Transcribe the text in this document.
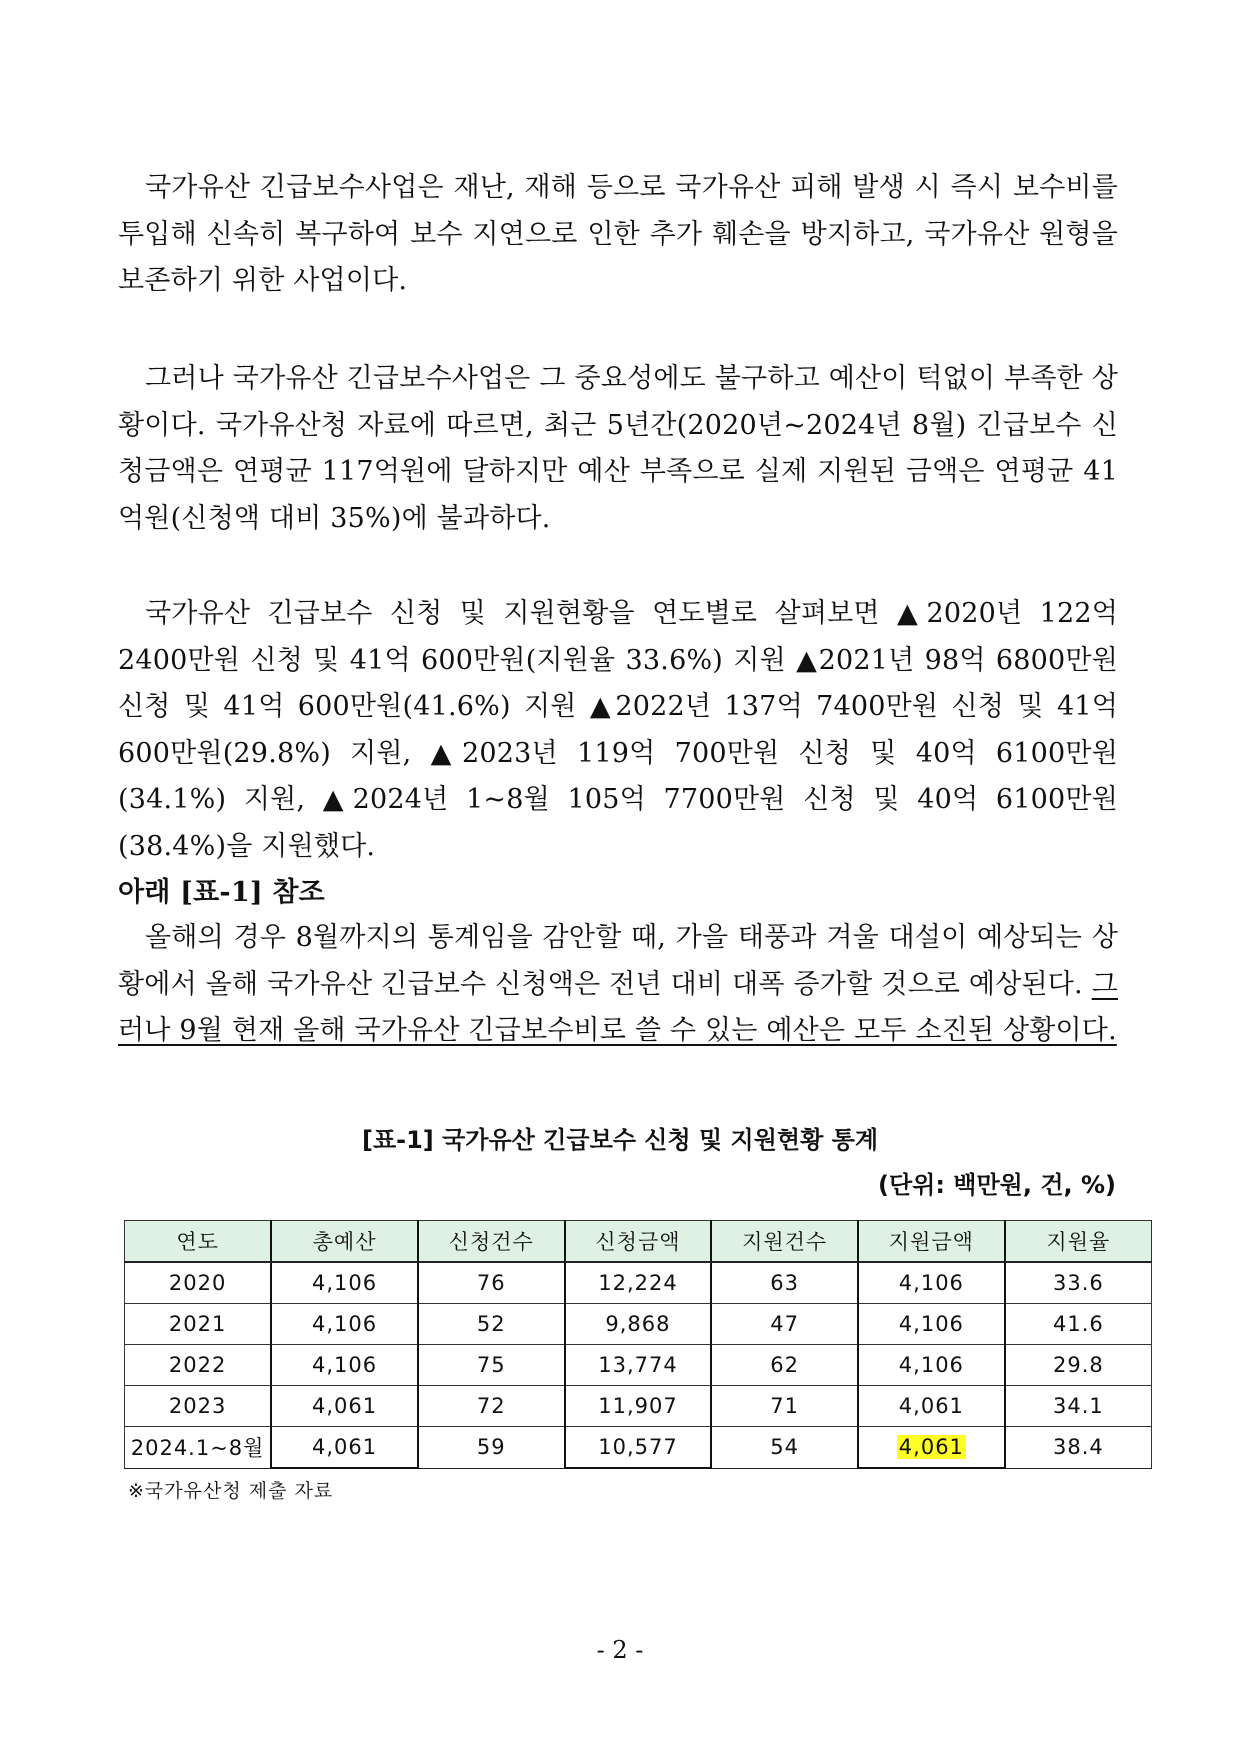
국가유산 긴급보수사업은 재난, 재해 등으로 국가유산 피해 발생 시 즉시 보수비를 투입해 신속히 복구하여 보수 지연으로 인한 추가 훼손을 방지하고, 국가유산 원형을 보존하기 위한 사업이다.

그러나 국가유산 긴급보수사업은 그 중요성에도 불구하고 예산이 턱없이 부족한 상황이다. 국가유산청 자료에 따르면, 최근 5년간(2020년~2024년 8월) 긴급보수 신청금액은 연평균 117억원에 달하지만 예산 부족으로 실제 지원된 금액은 연평균 41억원(신청액 대비 35%)에 불과하다.

국가유산 긴급보수 신청 및 지원현황을 연도별로 살펴보면 ▲2020년 122억 2400만원 신청 및 41억 600만원(지원율 33.6%) 지원 ▲2021년 98억 6800만원 신청 및 41억 600만원(41.6%) 지원 ▲2022년 137억 7400만원 신청 및 41억 600만원(29.8%) 지원, ▲2023년 119억 700만원 신청 및 40억 6100만원(34.1%) 지원, ▲2024년 1~8월 105억 7700만원 신청 및 40억 6100만원(38.4%)을 지원했다.
아래 [표-1] 참조

올해의 경우 8월까지의 통계임을 감안할 때, 가을 태풍과 겨울 대설이 예상되는 상황에서 올해 국가유산 긴급보수 신청액은 전년 대비 대폭 증가할 것으로 예상된다. 그러나 9월 현재 올해 국가유산 긴급보수비로 쓸 수 있는 예산은 모두 소진된 상황이다.

[표-1] 국가유산 긴급보수 신청 및 지원현황 통계
(단위: 백만원, 건, %)
연도	총예산	신청건수	신청금액	지원건수	지원금액	지원율
2020	4,106	76	12,224	63	4,106	33.6
2021	4,106	52	9,868	47	4,106	41.6
2022	4,106	75	13,774	62	4,106	29.8
2023	4,061	72	11,907	71	4,061	34.1
2024.1~8월	4,061	59	10,577	54	4,061	38.4
※국가유산청 제출 자료
- 2 -
